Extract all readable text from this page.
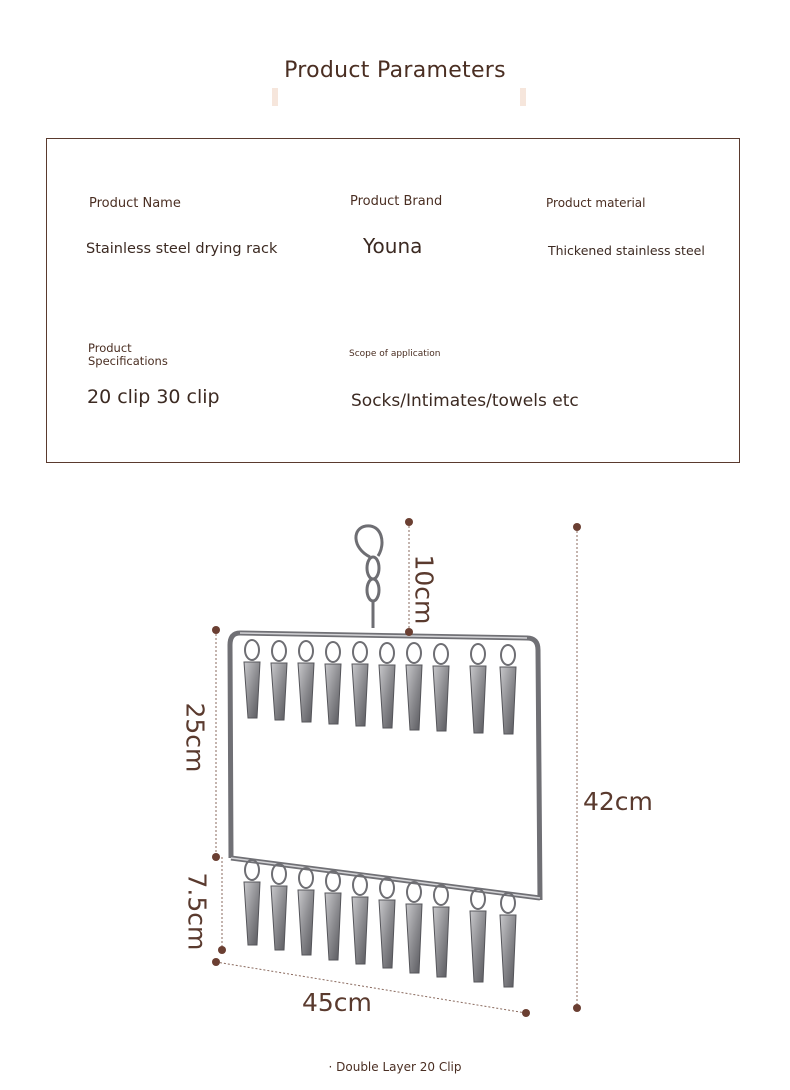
Product Parameters
Product Name
Stainless steel drying rack
Product Brand
Youna
Product material
Thickened stainless steel
Product
Specifications
20 clip 30 clip
Scope of application
Socks/Intimates/towels etc
10cm
25cm
7.5cm
42cm
45cm
· Double Layer 20 Clip
